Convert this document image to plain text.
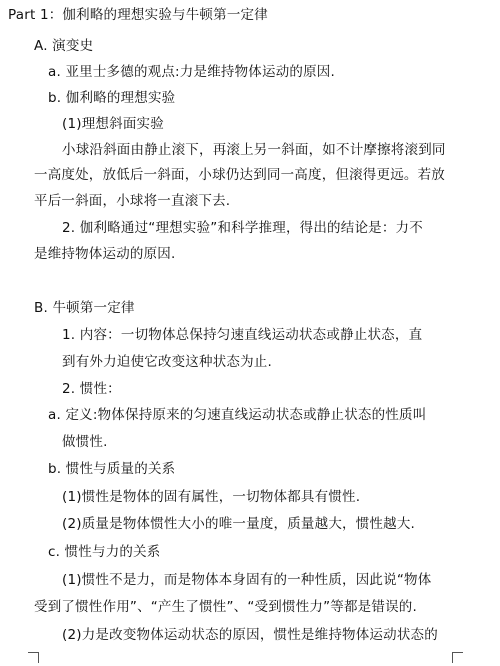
Part 1：伽利略的理想实验与牛顿第一定律
A. 演变史
a. 亚里士多德的观点:力是维持物体运动的原因.
b. 伽利略的理想实验
(1)理想斜面实验
小球沿斜面由静止滚下，再滚上另一斜面，如不计摩擦将滚到同
一高度处，放低后一斜面，小球仍达到同一高度，但滚得更远。若放
平后一斜面，小球将一直滚下去.
2. 伽利略通过“理想实验”和科学推理，得出的结论是：力不
是维持物体运动的原因.
B. 牛顿第一定律
1. 内容：一切物体总保持匀速直线运动状态或静止状态，直
到有外力迫使它改变这种状态为止.
2. 惯性：
a. 定义:物体保持原来的匀速直线运动状态或静止状态的性质叫
做惯性.
b. 惯性与质量的关系
(1)惯性是物体的固有属性，一切物体都具有惯性.
(2)质量是物体惯性大小的唯一量度，质量越大，惯性越大.
c. 惯性与力的关系
(1)惯性不是力，而是物体本身固有的一种性质，因此说“物体
受到了惯性作用”、“产生了惯性”、“受到惯性力”等都是错误的.
(2)力是改变物体运动状态的原因，惯性是维持物体运动状态的
